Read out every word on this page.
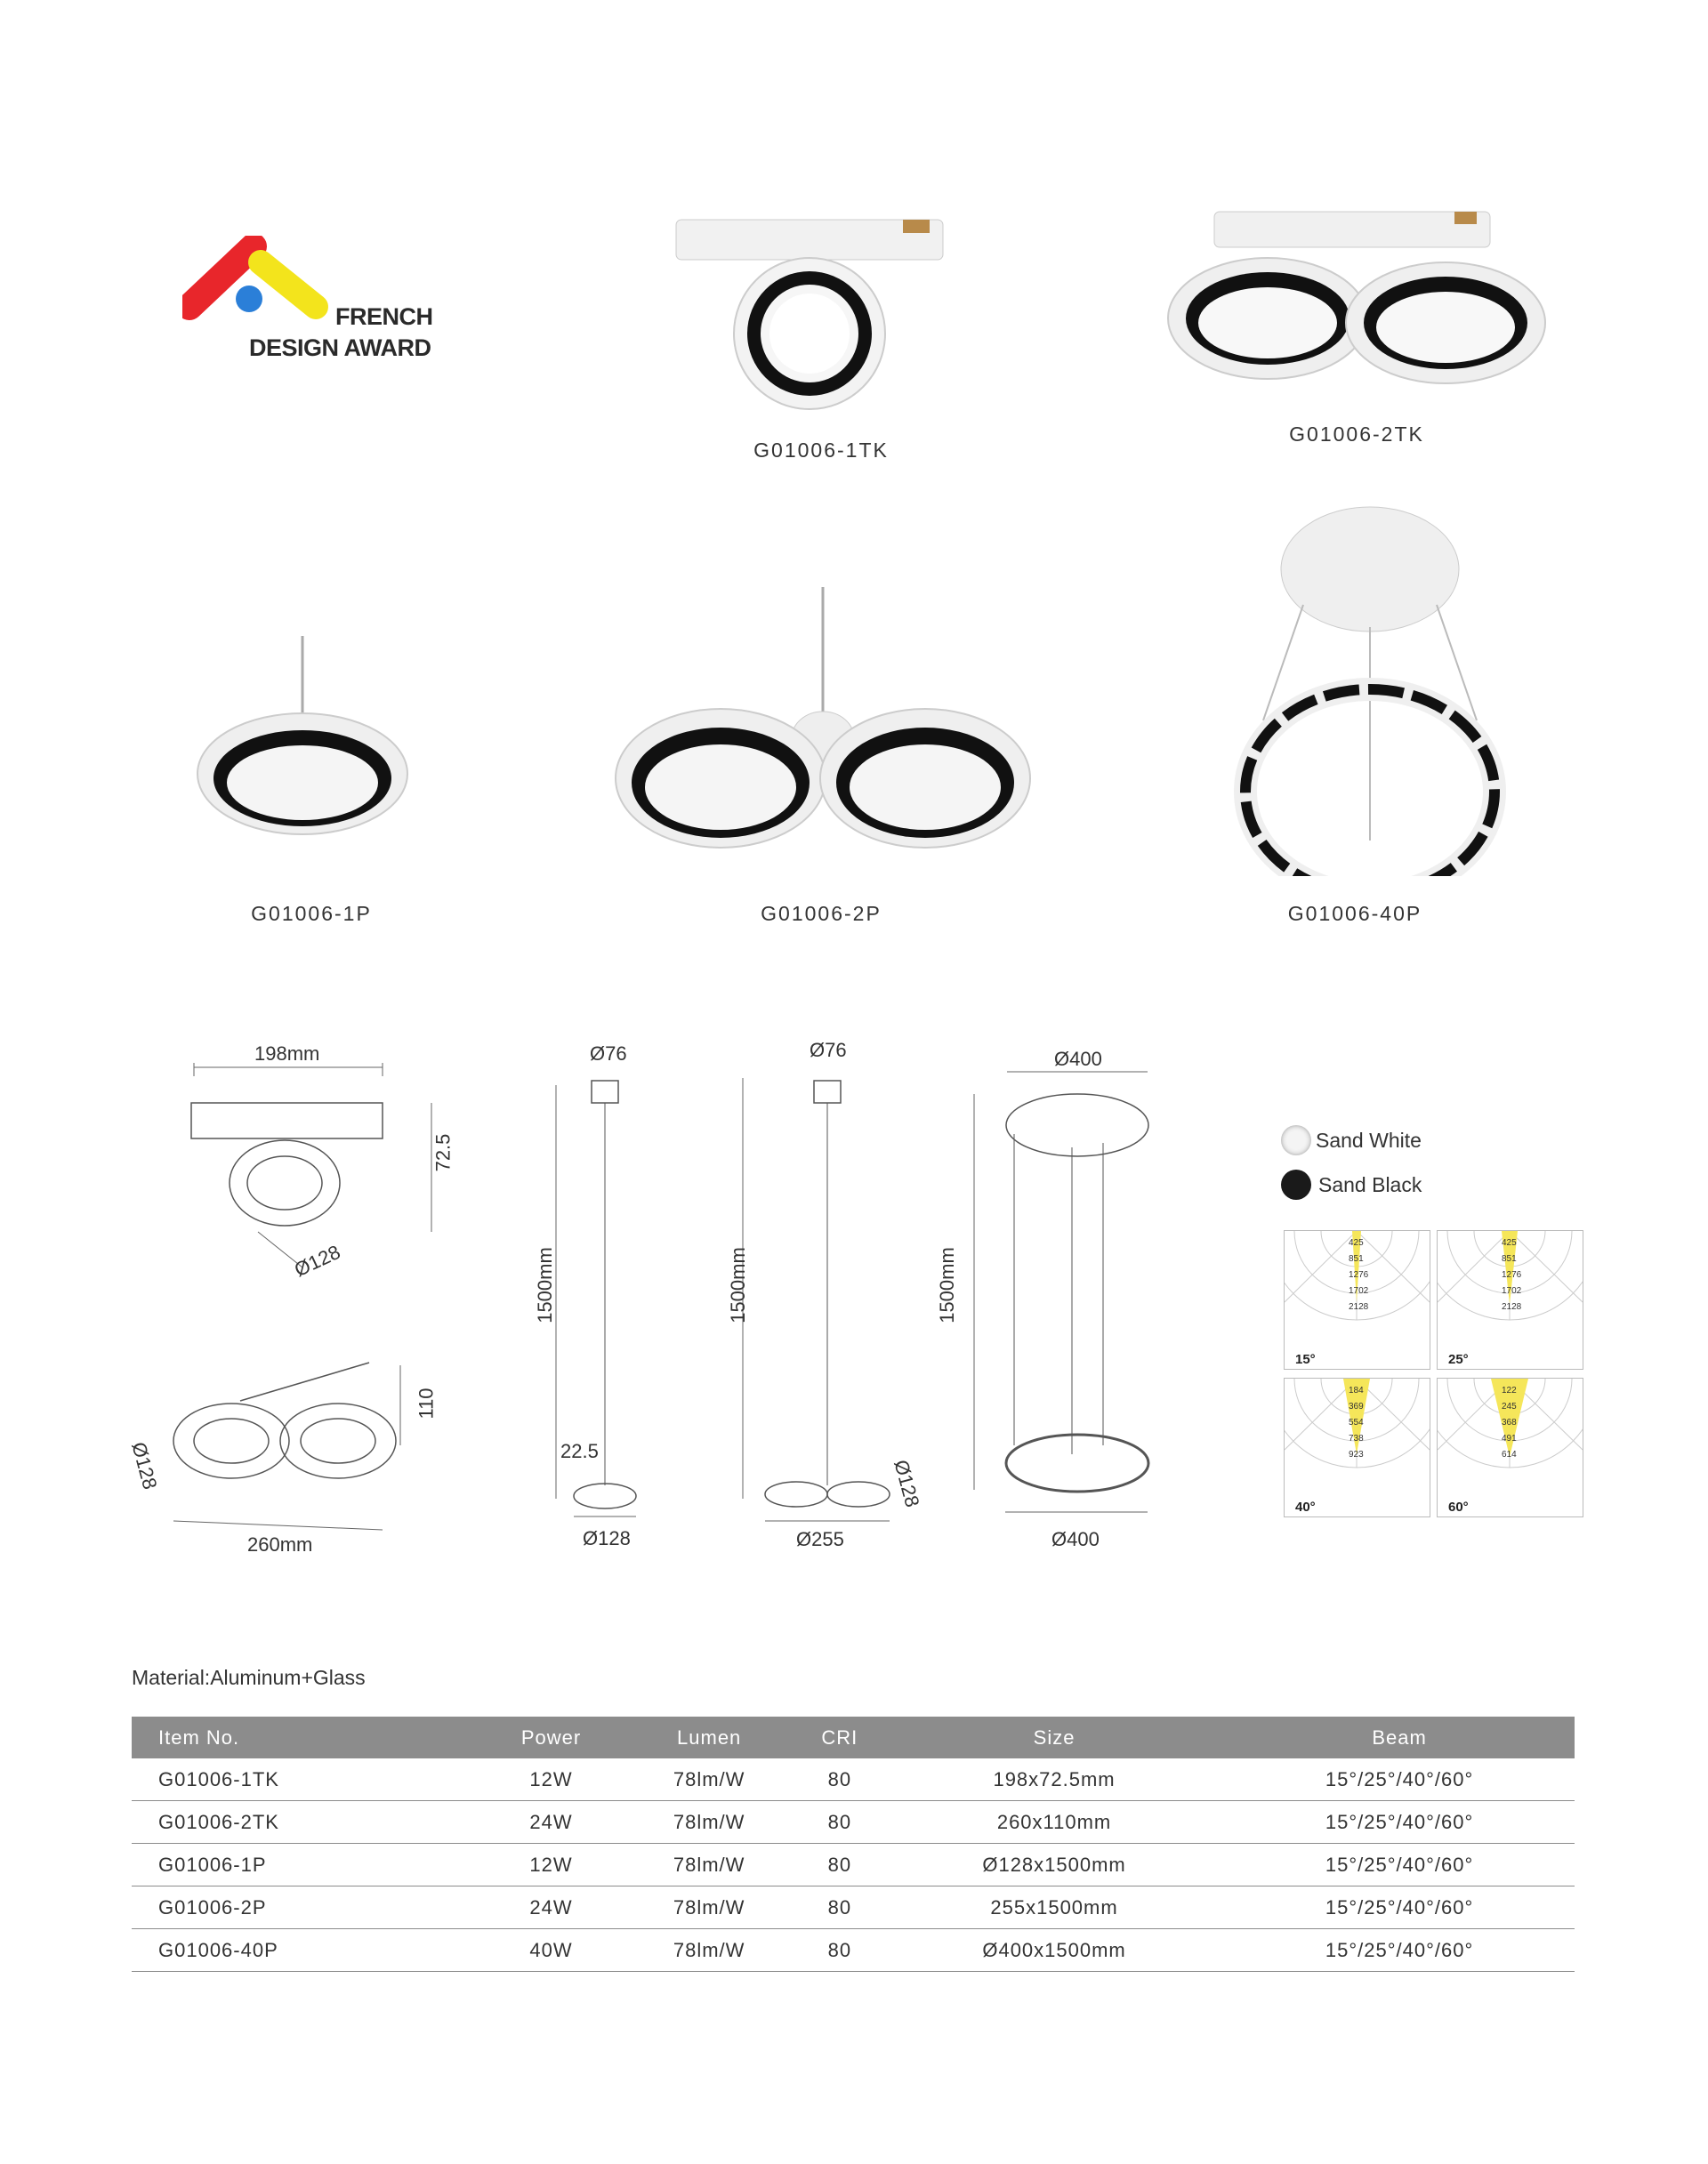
FRENCH
DESIGN AWARD
G01006-1TK
G01006-2TK
G01006-1P	G01006-2P	G01006-40P
198mm
72.5
Ø128
260mm
110
Ø128
Ø76
1500mm
22.5
Ø128
Ø76
1500mm
Ø128
Ø255
Ø400
1500mm
Ø400
Sand White
Sand Black
15°
425
851
1276
1702
2128
25°
425
851
1276
1702
2128
40°
184
369
554
738
923
60°
122
245
368
491
614
Material:Aluminum+Glass
Item No.	Power	Lumen	CRI	Size	Beam
G01006-1TK	12W	78lm/W	80	198x72.5mm	15°/25°/40°/60°
G01006-2TK	24W	78lm/W	80	260x110mm	15°/25°/40°/60°
G01006-1P	12W	78lm/W	80	Ø128x1500mm	15°/25°/40°/60°
G01006-2P	24W	78lm/W	80	255x1500mm	15°/25°/40°/60°
G01006-40P	40W	78lm/W	80	Ø400x1500mm	15°/25°/40°/60°
